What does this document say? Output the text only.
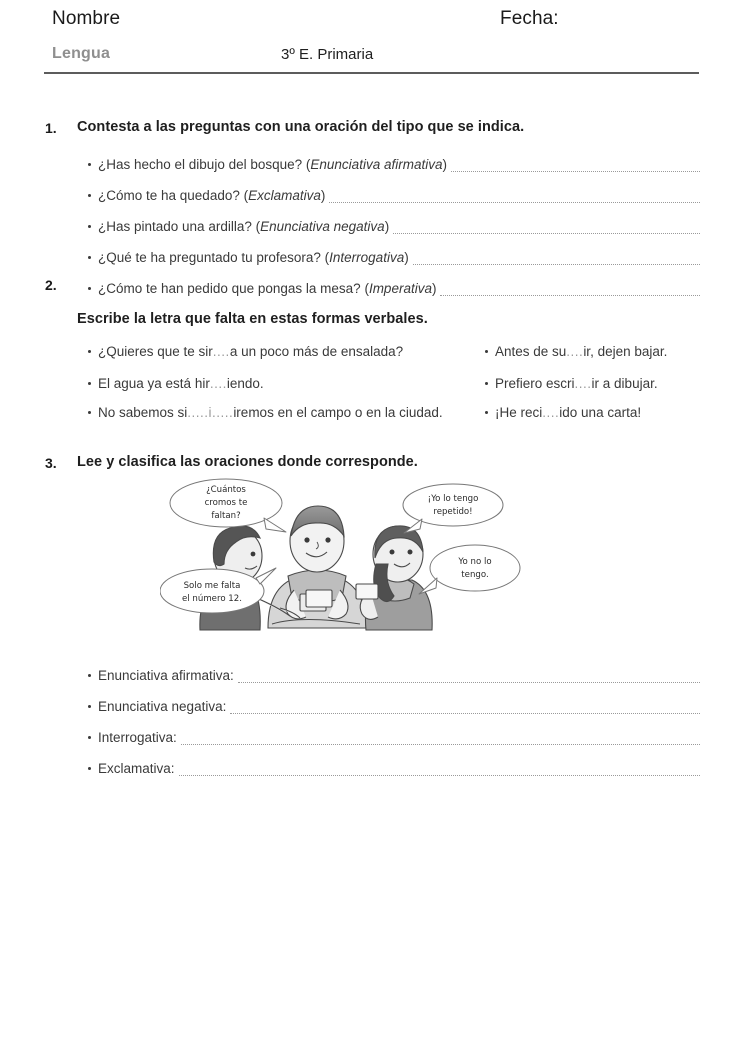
Nombre	Fecha:
Lengua	3º E. Primaria
1. Contesta a las preguntas con una oración del tipo que se indica.
¿Has hecho el dibujo del bosque? ( Enunciativa afirmativa )
¿Cómo te ha quedado? ( Exclamativa )
¿Has pintado una ardilla? ( Enunciativa negativa )
¿Qué te ha preguntado tu profesora? ( Interrogativa )
¿Cómo te han pedido que pongas la mesa? ( Imperativa )
2.
Escribe la letra que falta en estas formas verbales.
¿Quieres que te sir .... a un poco más de ensalada?
El agua ya está hir .... iendo.
No sabemos si .....i..... iremos en el campo o en la ciudad.
Antes de su .... ir, dejen bajar.
Prefiero escri .... ir a dibujar.
¡He reci .... ido una carta!
3. Lee y clasifica las oraciones donde corresponde.
¿Cuántos
cromos te
faltan?
¡Yo lo tengo
repetido!
Solo me falta
el número 12.
Yo no lo
tengo.
Enunciativa afirmativa:
Enunciativa negativa:
Interrogativa:
Exclamativa:
